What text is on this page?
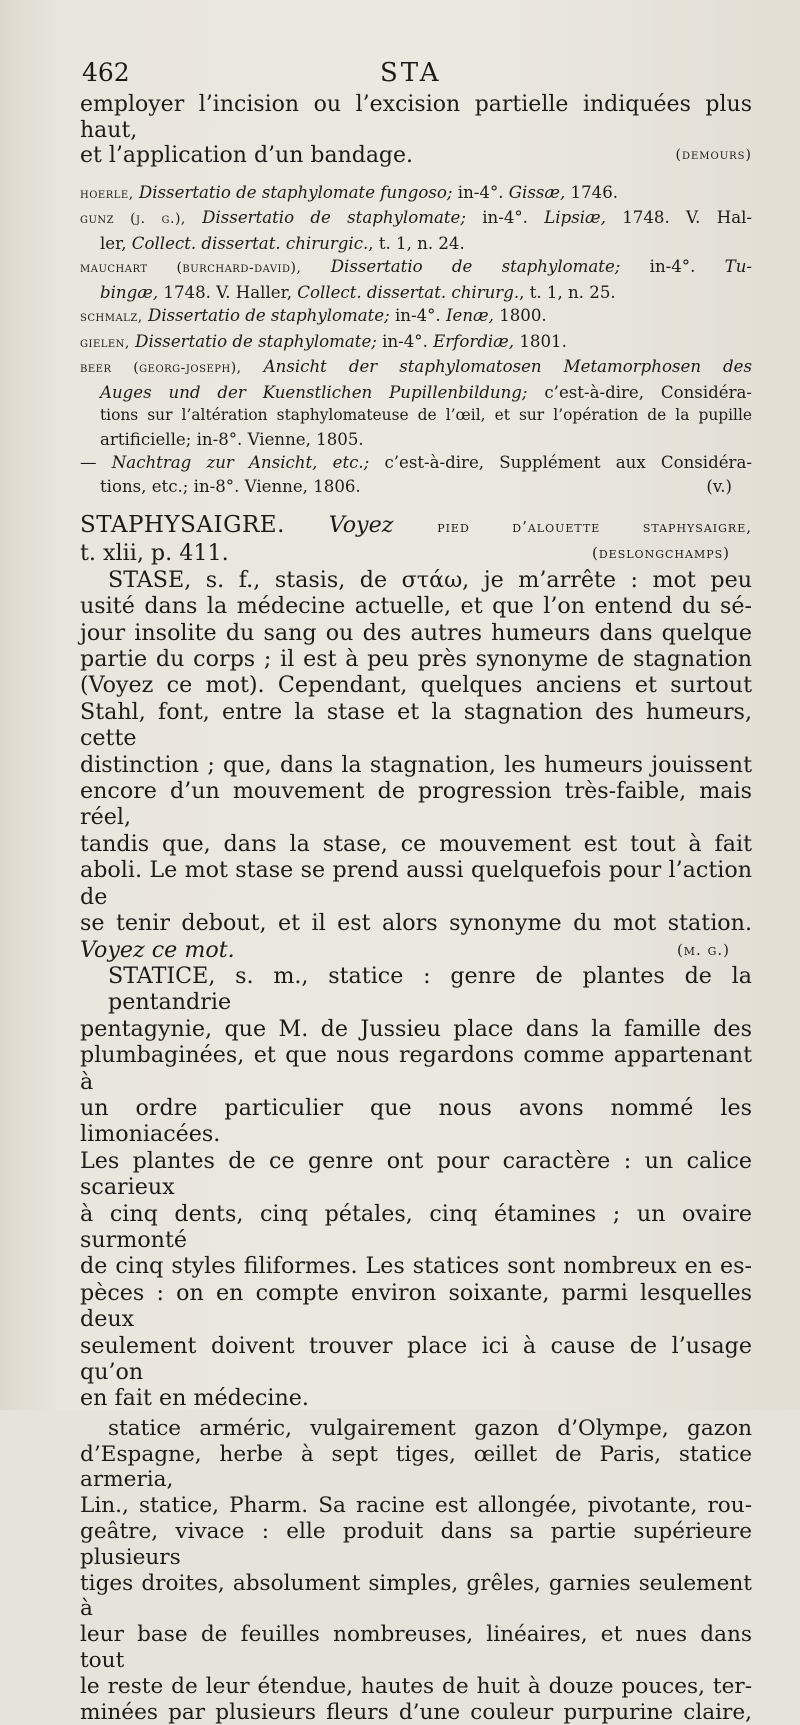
462	STA

employer l’incision ou l’excision partielle indiquées plus haut,

et l’application d’un bandage.	(demours)

hoerle, Dissertatio de staphylomate fungoso; in-4°. Gissæ, 1746.

gunz (j. g.), Dissertatio de staphylomate; in-4°. Lipsiæ, 1748. V. Hal-

ler, Collect. dissertat. chirurgic., t. 1, n. 24.

mauchart (burchard-david), Dissertatio de staphylomate; in-4°. Tu-

bingæ, 1748. V. Haller, Collect. dissertat. chirurg., t. 1, n. 25.

schmalz, Dissertatio de staphylomate; in-4°. Ienæ, 1800.

gielen, Dissertatio de staphylomate; in-4°. Erfordiæ, 1801.

beer (georg-joseph), Ansicht der staphylomatosen Metamorphosen des

Auges und der Kuenstlichen Pupillenbildung; c’est-à-dire, Considéra-

tions sur l’altération staphylomateuse de l’œil, et sur l’opération de la pupille

artificielle; in-8°. Vienne, 1805.

— Nachtrag zur Ansicht, etc.; c’est-à-dire, Supplément aux Considéra-

tions, etc.; in-8°. Vienne, 1806.	(v.)

STAPHYSAIGRE. Voyez	pied d’alouette staphysaigre,

t. xlii, p. 411.	(deslongchamps)

STASE, s. f., stasis, de στάω, je m’arrête : mot peu

usité dans la médecine actuelle, et que l’on entend du sé-

jour insolite du sang ou des autres humeurs dans quelque

partie du corps ; il est à peu près synonyme de stagnation

(Voyez ce mot). Cependant, quelques anciens et surtout

Stahl, font, entre la stase et la stagnation des humeurs, cette

distinction ; que, dans la stagnation, les humeurs jouissent

encore d’un mouvement de progression très-faible, mais réel,

tandis que, dans la stase, ce mouvement est tout à fait

aboli. Le mot stase se prend aussi quelquefois pour l’action de

se tenir debout, et il est alors synonyme du mot station.

Voyez ce mot.	(m. g.)

STATICE, s. m., statice : genre de plantes de la pentandrie

pentagynie, que M. de Jussieu place dans la famille des

plumbaginées, et que nous regardons comme appartenant à

un ordre particulier que nous avons nommé les limoniacées.

Les plantes de ce genre ont pour caractère : un calice scarieux

à cinq dents, cinq pétales, cinq étamines ; un ovaire surmonté

de cinq styles filiformes. Les statices sont nombreux en es-

pèces : on en compte environ soixante, parmi lesquelles deux

seulement doivent trouver place ici à cause de l’usage qu’on

en fait en médecine.

statice arméric, vulgairement gazon d’Olympe, gazon

d’Espagne, herbe à sept tiges, œillet de Paris, statice armeria,

Lin., statice, Pharm. Sa racine est allongée, pivotante, rou-

geâtre, vivace : elle produit dans sa partie supérieure plusieurs

tiges droites, absolument simples, grêles, garnies seulement à

leur base de feuilles nombreuses, linéaires, et nues dans tout

le reste de leur étendue, hautes de huit à douze pouces, ter-

minées par plusieurs fleurs d’une couleur purpurine claire,
